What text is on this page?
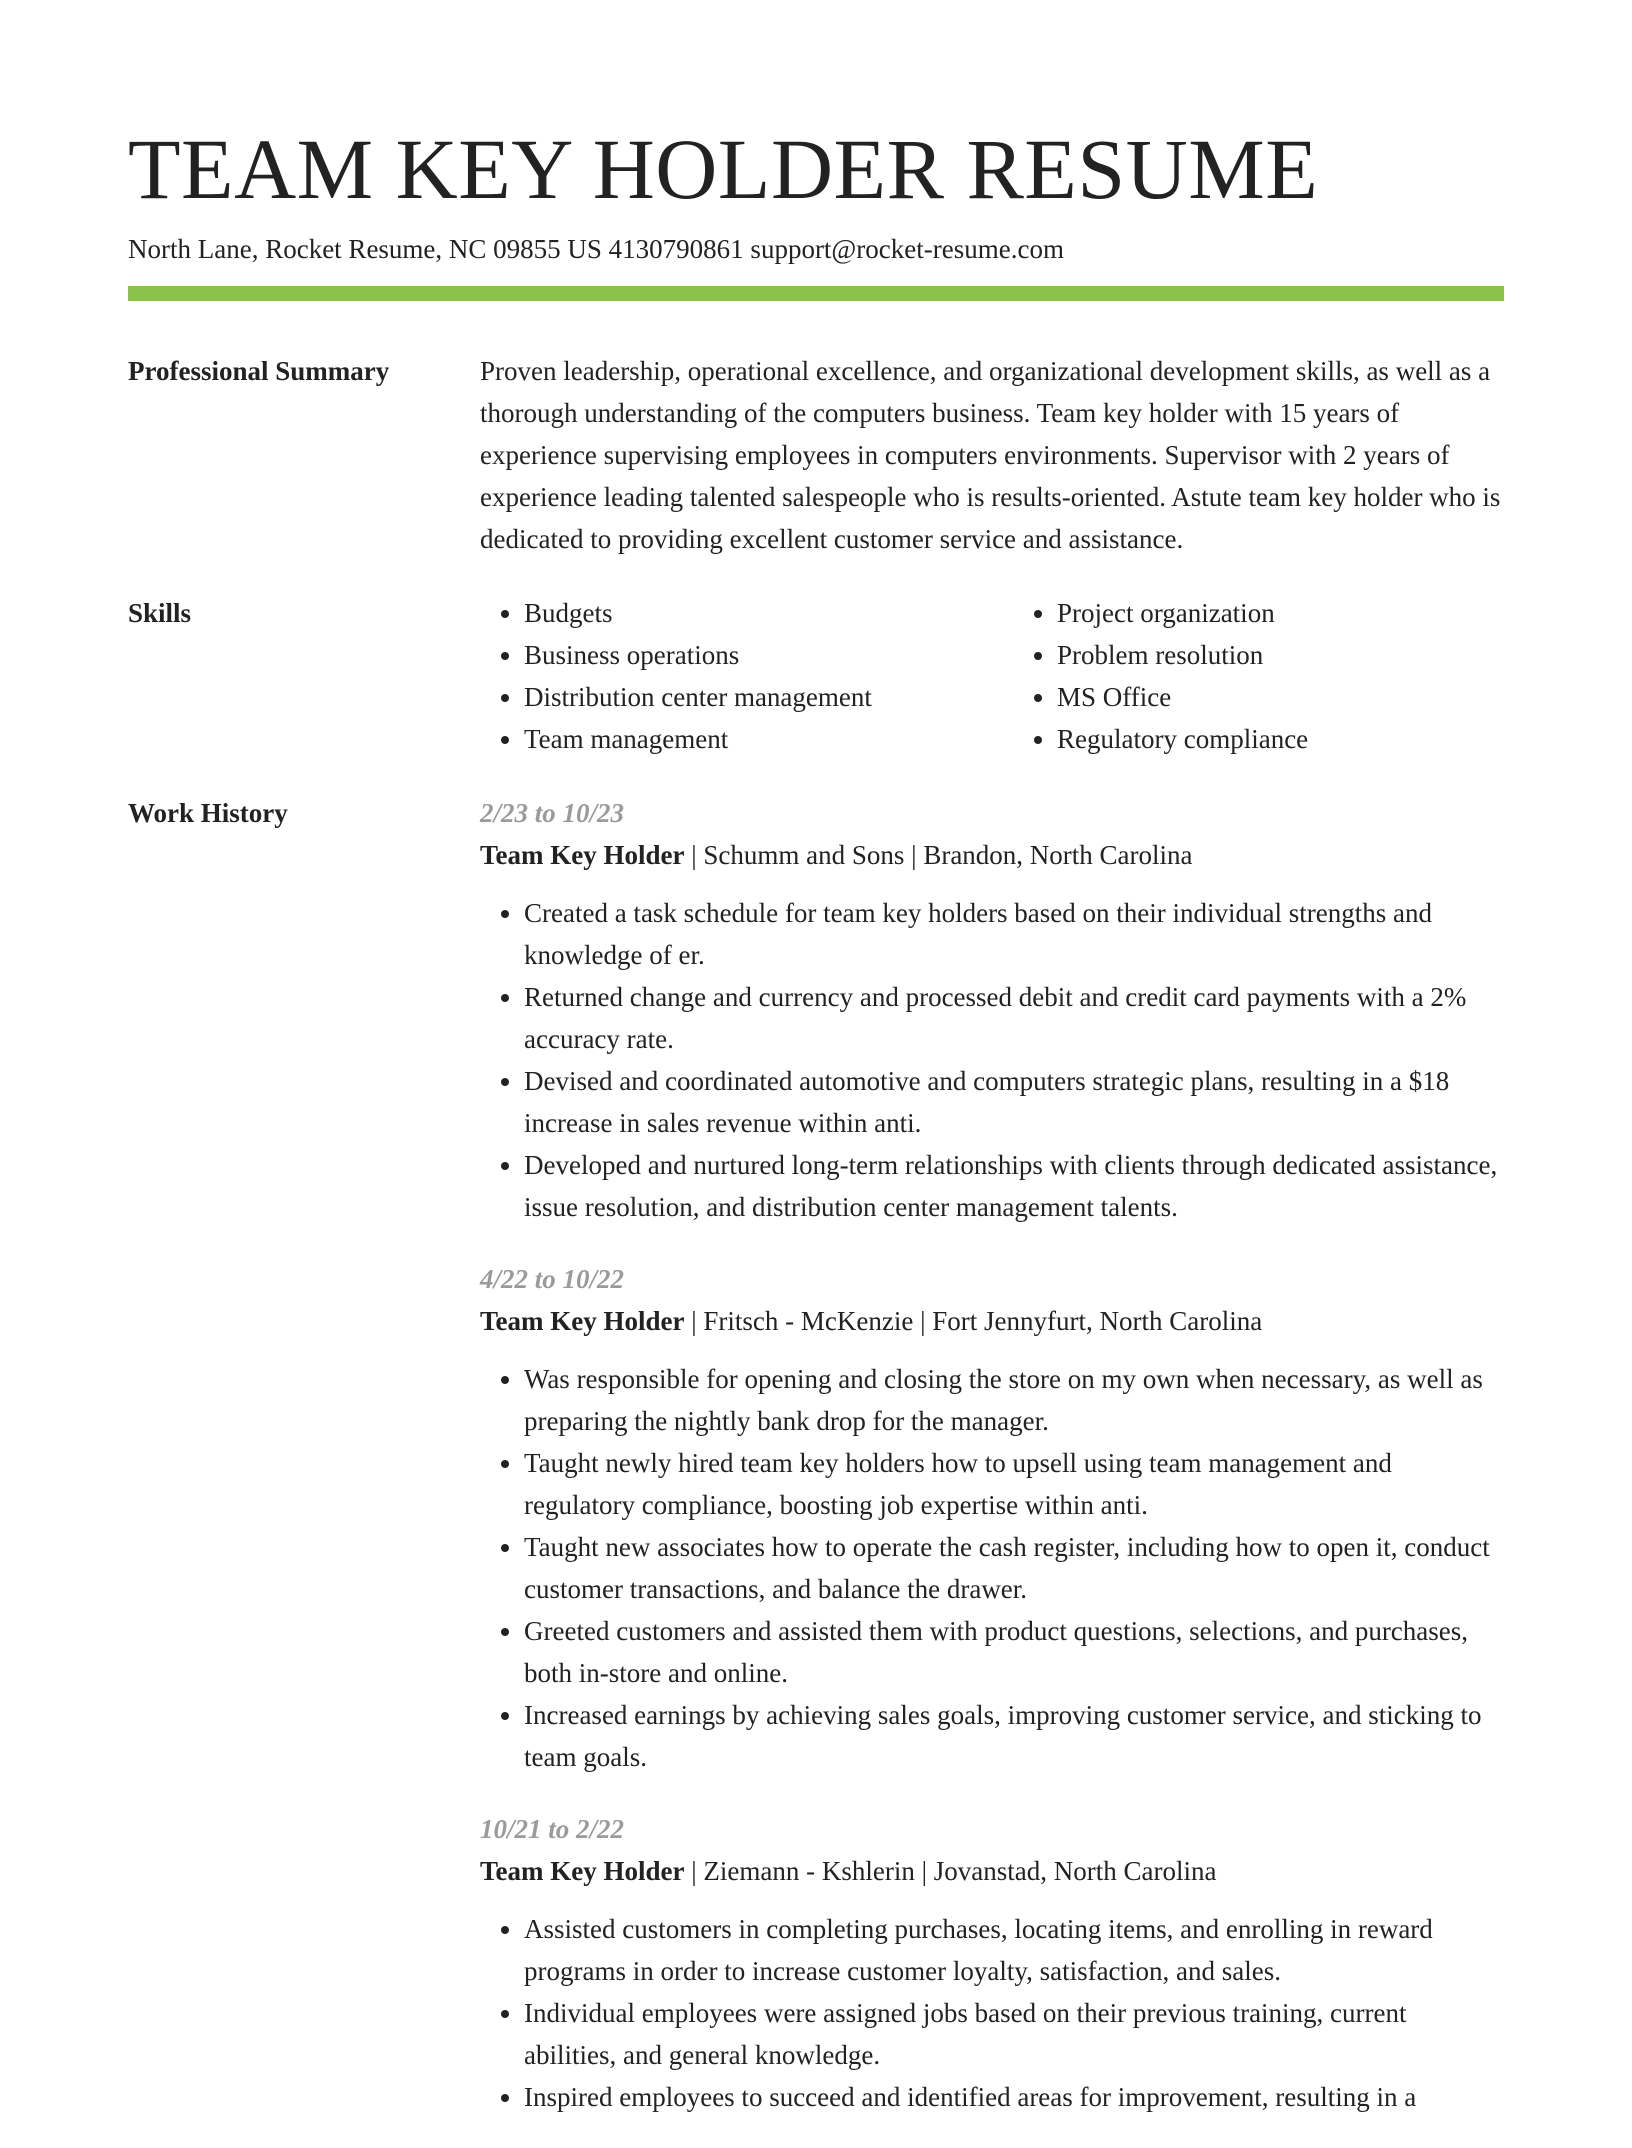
TEAM KEY HOLDER RESUME
North Lane, Rocket Resume, NC 09855 US 4130790861 support@rocket-resume.com
Professional Summary	Proven leadership, operational excellence, and organizational development skills, as well as a thorough understanding of the computers business. Team key holder with 15 years of experience supervising employees in computers environments. Supervisor with 2 years of experience leading talented salespeople who is results-oriented. Astute team key holder who is dedicated to providing excellent customer service and assistance.

Skills
•	Budgets
• Business operations
• Distribution center management
• Team management
• Project organization
• Problem resolution
• MS Office
• Regulatory compliance
Work History	2/23 to 10/23
Team Key Holder | Schumm and Sons | Brandon, North Carolina
• Created a task schedule for team key holders based on their individual strengths and knowledge of er.
• Returned change and currency and processed debit and credit card payments with a 2% accuracy rate.
• Devised and coordinated automotive and computers strategic plans, resulting in a $18 increase in sales revenue within anti.
• Developed and nurtured long-term relationships with clients through dedicated assistance, issue resolution, and distribution center management talents.
4/22 to 10/22
Team Key Holder | Fritsch - McKenzie | Fort Jennyfurt, North Carolina
• Was responsible for opening and closing the store on my own when necessary, as well as preparing the nightly bank drop for the manager.
• Taught newly hired team key holders how to upsell using team management and regulatory compliance, boosting job expertise within anti.
• Taught new associates how to operate the cash register, including how to open it, conduct customer transactions, and balance the drawer.
• Greeted customers and assisted them with product questions, selections, and purchases, both in-store and online.
• Increased earnings by achieving sales goals, improving customer service, and sticking to team goals.
10/21 to 2/22
Team Key Holder | Ziemann - Kshlerin | Jovanstad, North Carolina
• Assisted customers in completing purchases, locating items, and enrolling in reward programs in order to increase customer loyalty, satisfaction, and sales.
• Individual employees were assigned jobs based on their previous training, current abilities, and general knowledge.
• Inspired employees to succeed and identified areas for improvement, resulting in a
